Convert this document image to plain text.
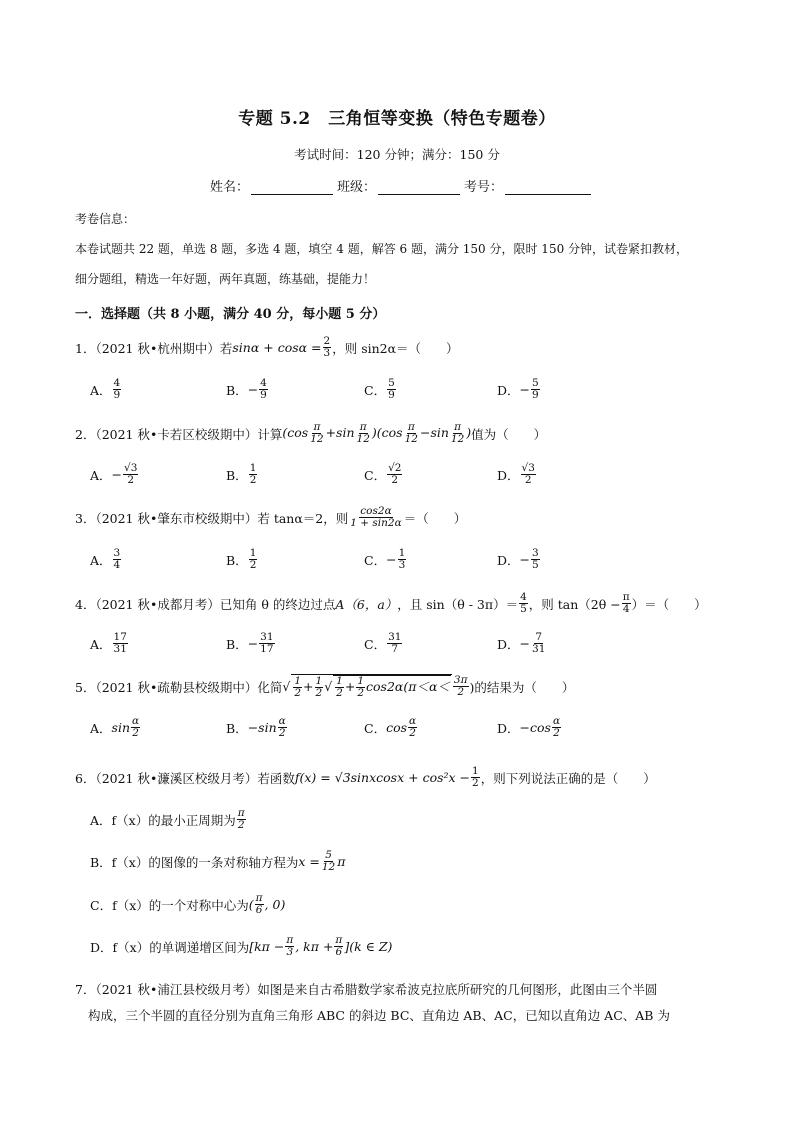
专题 5.2　三角恒等变换（特色专题卷）
考试时间：120 分钟；满分：150 分
姓名：	班级：	考号：
考卷信息：
本卷试题共 22 题，单选 8 题，多选 4 题，填空 4 题，解答 6 题，满分 150 分，限时 150 分钟，试卷紧扣教材，
细分题组，精选一年好题，两年真题，练基础，提能力！
一．选择题（共 8 小题，满分 40 分，每小题 5 分）
1．（2021 秋•杭州期中）若 $\sin\alpha + \cos\alpha = \frac{2}{3}$ ，则 sin2α＝（　　）
A． $\frac{4}{9}$	B． − $\frac{4}{9}$	C． $\frac{5}{9}$	D． − $\frac{5}{9}$
2．（2021 秋•卡若区校级期中）计算 $(\cos \frac{\pi}{12} +\sin \frac{\pi}{12} )(\cos \frac{\pi}{12} -\sin \frac{\pi}{12}$ ) 值为（　　）
A． − $\frac{√3}{2}$	B． $\frac{1}{2}$	C． $\frac{√2}{2}$	D． $\frac{√3}{2}$
3．（2021 秋•肇东市校级期中）若 tanα＝2，则 $\frac{\cos 2\alpha}{1 + \sin 2\alpha}$ ＝（　　）
A． $\frac{3}{4}$	B． $\frac{1}{2}$	C． − $\frac{1}{3}$	D． − $\frac{3}{5}$
4．（2021 秋•成都月考）已知角 θ 的终边过点 A（6，a） ，且 $\sin(\theta - 3\pi)= \frac{4}{5}$ ，则 $\tan(2\theta - \frac{\pi}{4}$ ）＝（　　）
A． $\frac{17}{31}$	B． − $\frac{31}{17}$	C． $\frac{31}{7}$	D． − $\frac{7}{31}$
5．（2021 秋•疏勒县校级期中）化简 √ $\frac{1}{2} + \frac{1}{2}$ √ $\frac{1}{2} + \frac{1}{2} \cos 2\alpha(\pi<\alpha< \frac{3\pi}{2}$ )的结果为（　　）
A． $\sin \frac{\alpha}{2}$	B． $-\sin \frac{\alpha}{2}$	C． $\cos \frac{\alpha}{2}$	D． $-\cos \frac{\alpha}{2}$
6．（2021 秋•濂溪区校级月考）若函数 f(x) = √3sinxcosx + $\cos^2x - \frac{1}{2}$ ，则下列说法正确的是（　　）
A．f（x）的最小正周期为 $\frac{\pi}{2}$
B．f（x）的图像的一条对称轴方程为 $x = \frac{5}{12}$ π
C．f（x）的一个对称中心为 ( $\frac{\pi}{6}$ , 0)
D．f（x）的单调递增区间为 [$k\pi - \frac{\pi}{3}$ , $k\pi + \frac{\pi}{6} ](k$ ∈ Z)
7．（2021 秋•浦江县校级月考）如图是来自古希腊数学家希波克拉底所研究的几何图形，此图由三个半圆
构成，三个半圆的直径分别为直角三角形 ABC 的斜边 BC、直角边 AB、AC，已知以直角边 AC、AB 为
